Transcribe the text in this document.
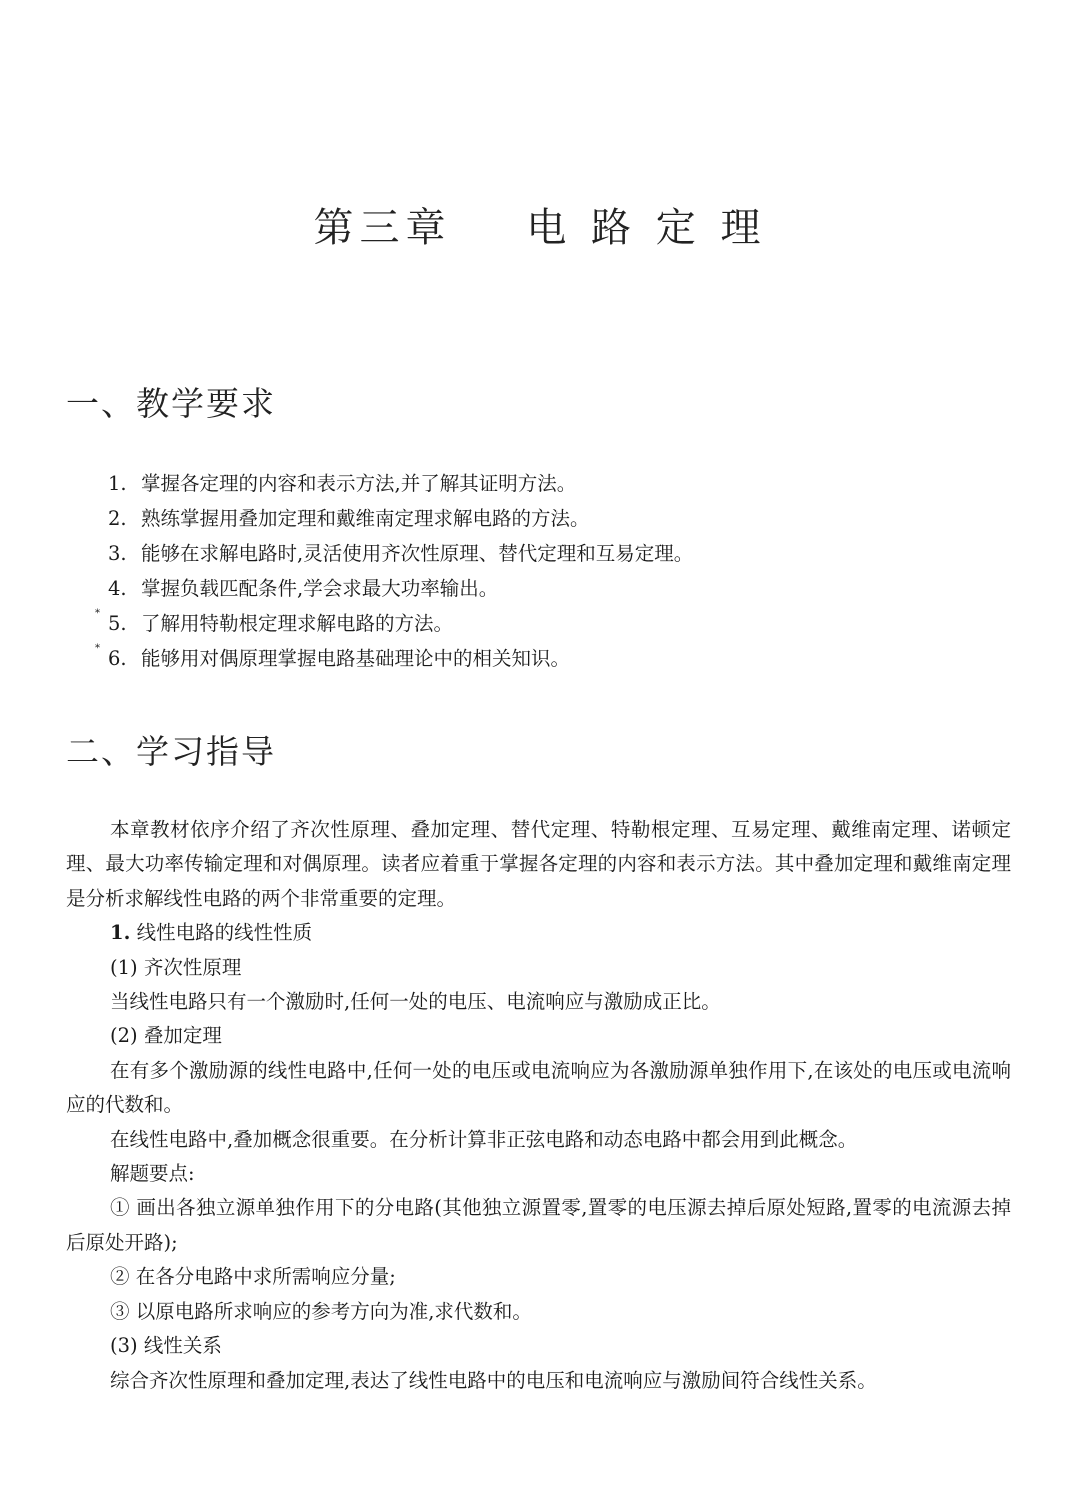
第三章    电 路 定 理
一、教学要求
1. 掌握各定理的内容和表示方法,并了解其证明方法。
2. 熟练掌握用叠加定理和戴维南定理求解电路的方法。
3. 能够在求解电路时,灵活使用齐次性原理、替代定理和互易定理。
4. 掌握负载匹配条件,学会求最大功率输出。
* 5. 了解用特勒根定理求解电路的方法。
* 6. 能够用对偶原理掌握电路基础理论中的相关知识。
二、学习指导

本章教材依序介绍了齐次性原理、叠加定理、替代定理、特勒根定理、互易定理、戴维南定理、诺顿定理、最大功率传输定理和对偶原理。读者应着重于掌握各定理的内容和表示方法。其中叠加定理和戴维南定理是分析求解线性电路的两个非常重要的定理。

1. 线性电路的线性性质

(1) 齐次性原理

当线性电路只有一个激励时,任何一处的电压、电流响应与激励成正比。

(2) 叠加定理

在有多个激励源的线性电路中,任何一处的电压或电流响应为各激励源单独作用下,在该处的电压或电流响应的代数和。

在线性电路中,叠加概念很重要。在分析计算非正弦电路和动态电路中都会用到此概念。

解题要点:

① 画出各独立源单独作用下的分电路(其他独立源置零,置零的电压源去掉后原处短路,置零的电流源去掉后原处开路);

② 在各分电路中求所需响应分量;

③ 以原电路所求响应的参考方向为准,求代数和。

(3) 线性关系

综合齐次性原理和叠加定理,表达了线性电路中的电压和电流响应与激励间符合线性关系。
